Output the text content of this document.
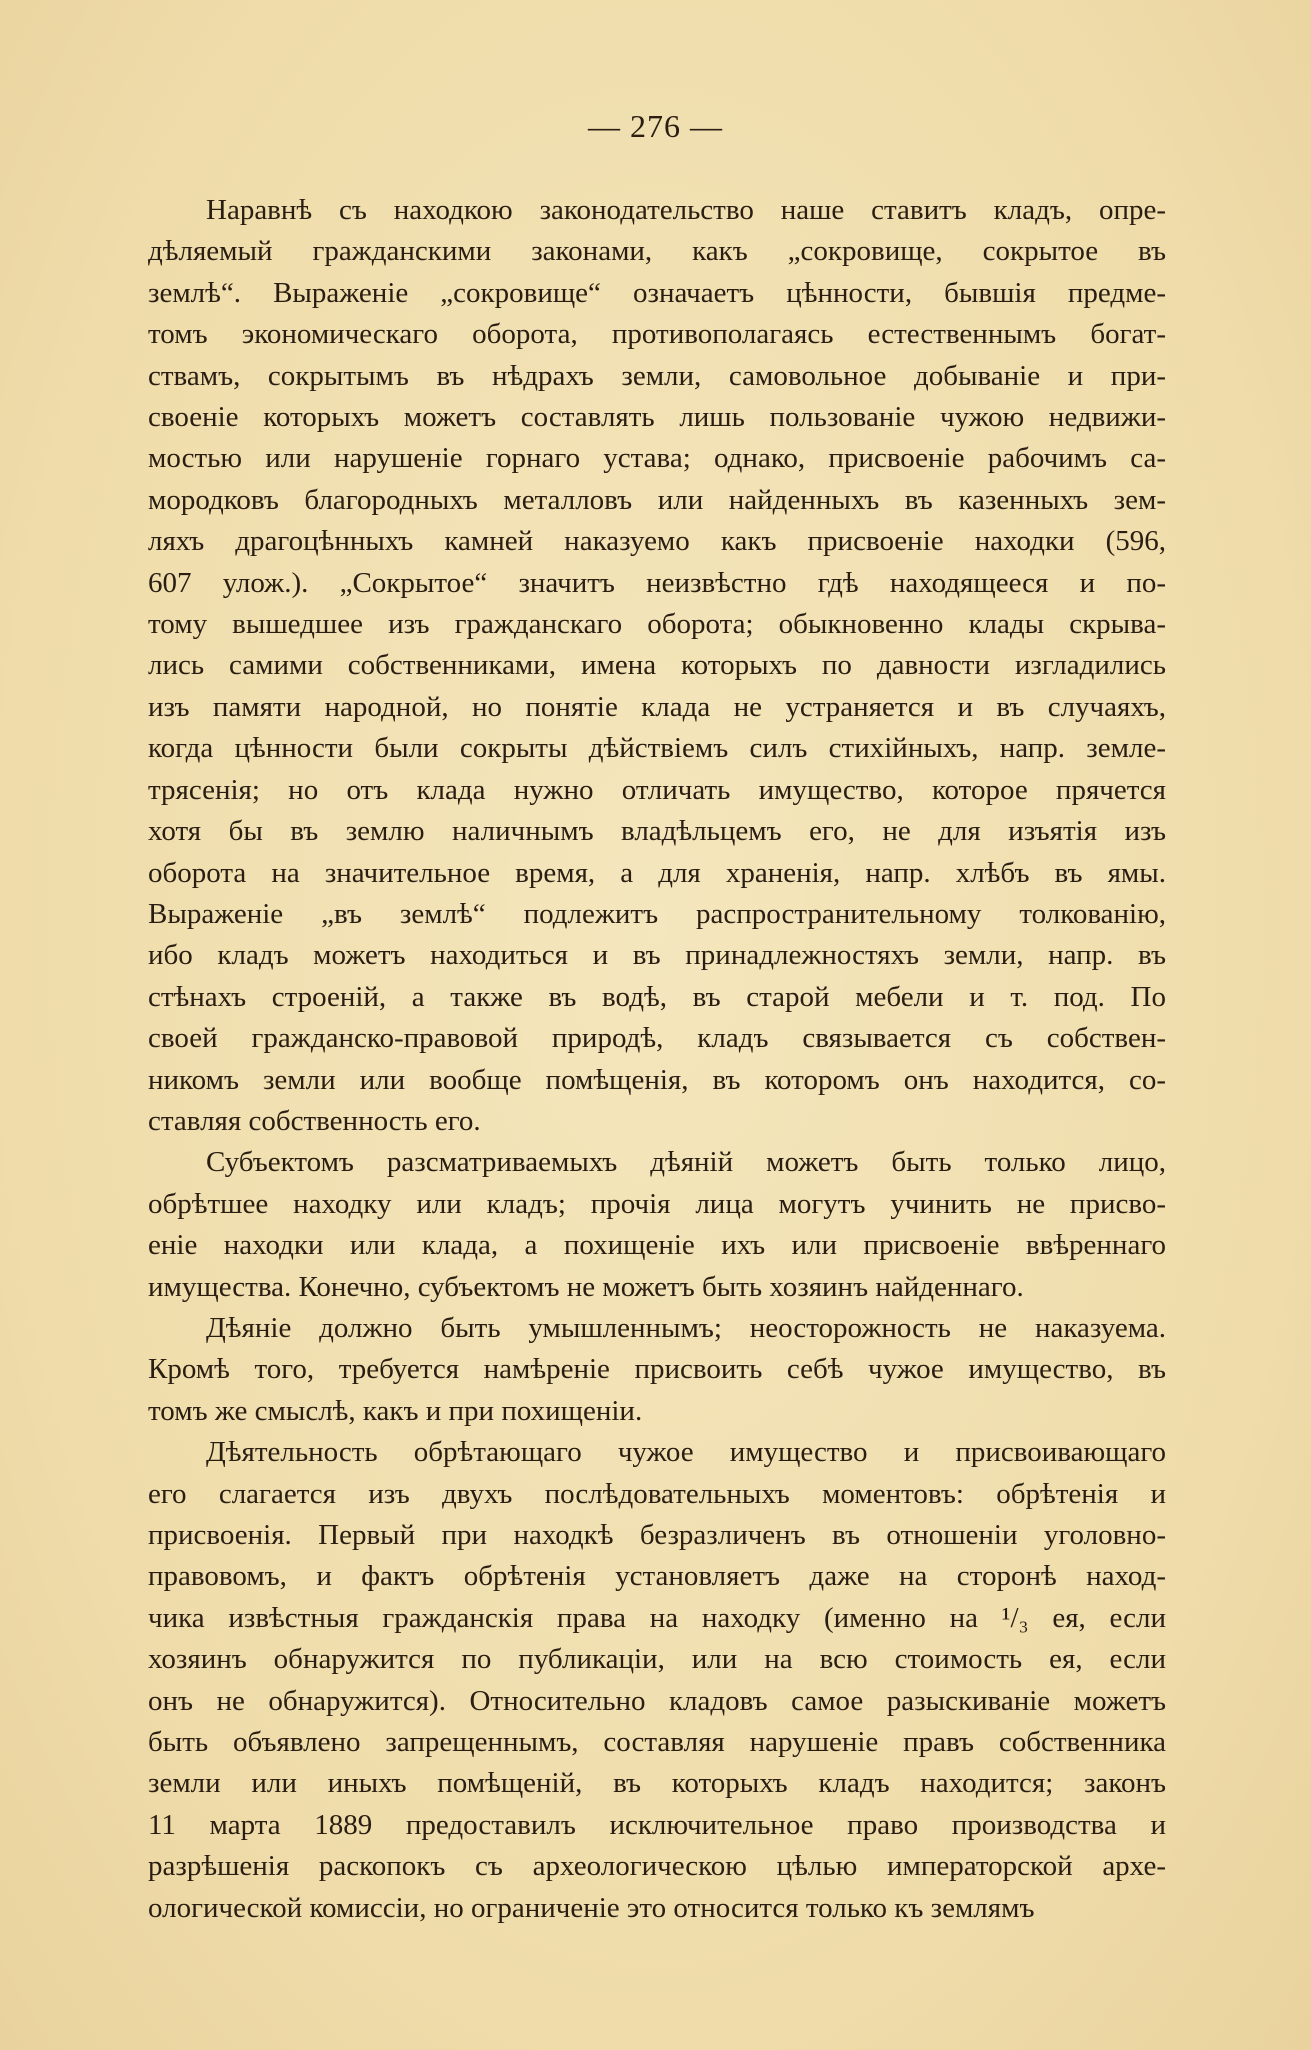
— 276 —
Наравнѣ съ находкою законодательство наше ставитъ кладъ, опре-
дѣляемый гражданскими законами, какъ „сокровище, сокрытое въ
землѣ“. Выраженіе „сокровище“ означаетъ цѣнности, бывшія предме-
томъ экономическаго оборота, противополагаясь естественнымъ богат-
ствамъ, сокрытымъ въ нѣдрахъ земли, самовольное добываніе и при-
своеніе которыхъ можетъ составлять лишь пользованіе чужою недвижи-
мостью или нарушеніе горнаго устава; однако, присвоеніе рабочимъ са-
мородковъ благородныхъ металловъ или найденныхъ въ казенныхъ зем-
ляхъ драгоцѣнныхъ камней наказуемо какъ присвоеніе находки (596,
607 улож.). „Сокрытое“ значитъ неизвѣстно гдѣ находящееся и по-
тому вышедшее изъ гражданскаго оборота; обыкновенно клады скрыва-
лись самими собственниками, имена которыхъ по давности изгладились
изъ памяти народной, но понятіе клада не устраняется и въ случаяхъ,
когда цѣнности были сокрыты дѣйствіемъ силъ стихійныхъ, напр. земле-
трясенія; но отъ клада нужно отличать имущество, которое прячется
хотя бы въ землю наличнымъ владѣльцемъ его, не для изъятія изъ
оборота на значительное время, а для храненія, напр. хлѣбъ въ ямы.
Выраженіе „въ землѣ“ подлежитъ распространительному толкованію,
ибо кладъ можетъ находиться и въ принадлежностяхъ земли, напр. въ
стѣнахъ строеній, а также въ водѣ, въ старой мебели и т. под. По
своей гражданско-правовой природѣ, кладъ связывается съ собствен-
никомъ земли или вообще помѣщенія, въ которомъ онъ находится, со-
ставляя собственность его.
Субъектомъ разсматриваемыхъ дѣяній можетъ быть только лицо,
обрѣтшее находку или кладъ; прочія лица могутъ учинить не присво-
еніе находки или клада, а похищеніе ихъ или присвоеніе ввѣреннаго
имущества. Конечно, субъектомъ не можетъ быть хозяинъ найденнаго.
Дѣяніе должно быть умышленнымъ; неосторожность не наказуема.
Кромѣ того, требуется намѣреніе присвоить себѣ чужое имущество, въ
томъ же смыслѣ, какъ и при похищеніи.
Дѣятельность обрѣтающаго чужое имущество и присвоивающаго
его слагается изъ двухъ послѣдовательныхъ моментовъ: обрѣтенія и
присвоенія. Первый при находкѣ безразличенъ въ отношеніи уголовно-
правовомъ, и фактъ обрѣтенія установляетъ даже на сторонѣ наход-
чика извѣстныя гражданскія права на находку (именно на ¹/₃ ея, если
хозяинъ обнаружится по публикаціи, или на всю стоимость ея, если
онъ не обнаружится). Относительно кладовъ самое разыскиваніе можетъ
быть объявлено запрещеннымъ, составляя нарушеніе правъ собственника
земли или иныхъ помѣщеній, въ которыхъ кладъ находится; законъ
11 марта 1889 предоставилъ исключительное право производства и
разрѣшенія раскопокъ съ археологическою цѣлью императорской архе-
ологической комиссіи, но ограниченіе это относится только къ землямъ
